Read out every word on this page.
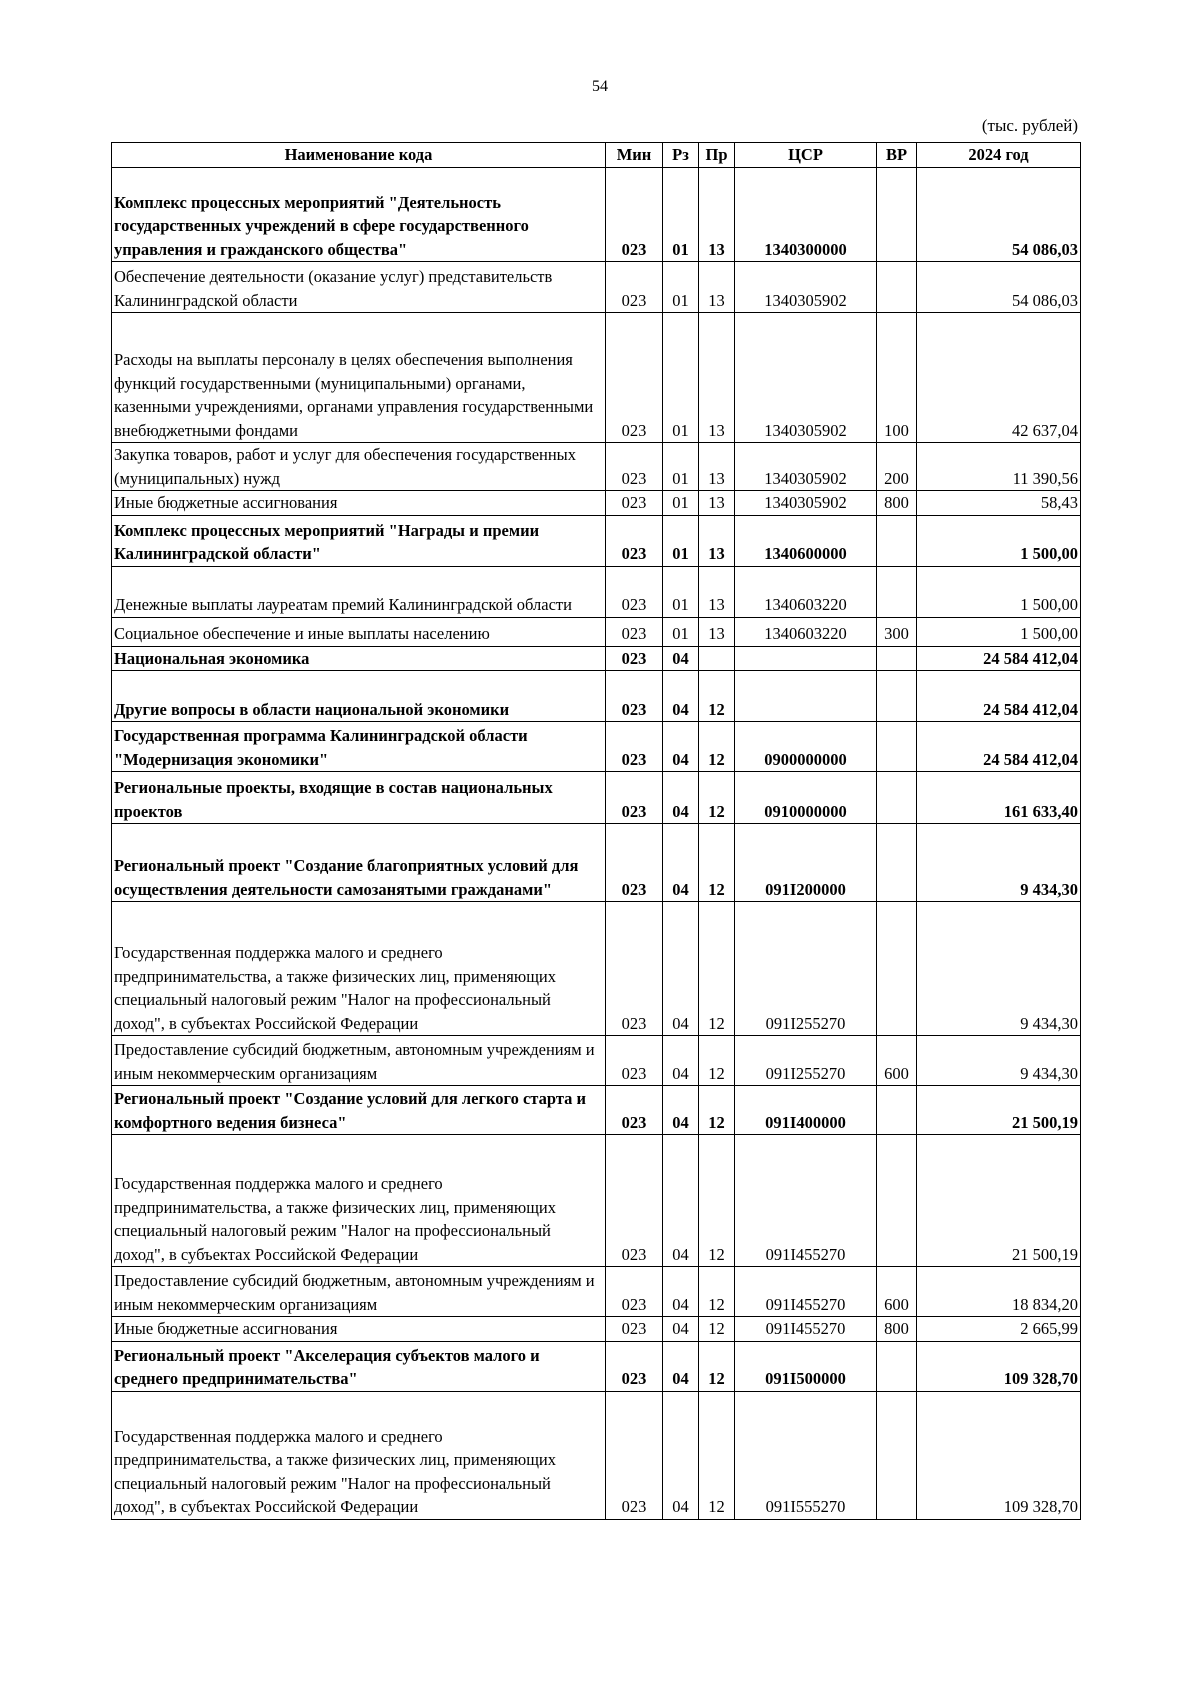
54
(тыс. рублей)
Наименование кода	Мин	Рз	Пр	ЦСР	ВР	2024 год
Комплекс процессных мероприятий "Деятельность государственных учреждений в сфере государственного управления и гражданского общества"	023	01	13	1340300000		54 086,03
Обеспечение деятельности (оказание услуг) представительств Калининградской области	023	01	13	1340305902		54 086,03
Расходы на выплаты персоналу в целях обеспечения выполнения функций государственными (муниципальными) органами, казенными учреждениями, органами управления государственными внебюджетными фондами	023	01	13	1340305902	100	42 637,04
Закупка товаров, работ и услуг для обеспечения государственных (муниципальных) нужд	023	01	13	1340305902	200	11 390,56
Иные бюджетные ассигнования	023	01	13	1340305902	800	58,43
Комплекс процессных мероприятий "Награды и премии Калининградской области"	023	01	13	1340600000		1 500,00
Денежные выплаты лауреатам премий Калининградской области	023	01	13	1340603220		1 500,00
Социальное обеспечение и иные выплаты населению	023	01	13	1340603220	300	1 500,00
Национальная экономика	023	04				24 584 412,04
Другие вопросы в области национальной экономики	023	04	12			24 584 412,04
Государственная программа Калининградской области "Модернизация экономики"	023	04	12	0900000000		24 584 412,04
Региональные проекты, входящие в состав национальных проектов	023	04	12	0910000000		161 633,40
Региональный проект "Создание благоприятных условий для осуществления деятельности самозанятыми гражданами"	023	04	12	091I200000		9 434,30
Государственная поддержка малого и среднего предпринимательства, а также физических лиц, применяющих специальный налоговый режим "Налог на профессиональный доход", в субъектах Российской Федерации	023	04	12	091I255270		9 434,30
Предоставление субсидий бюджетным, автономным учреждениям и иным некоммерческим организациям	023	04	12	091I255270	600	9 434,30
Региональный проект "Создание условий для легкого старта и комфортного ведения бизнеса"	023	04	12	091I400000		21 500,19
Государственная поддержка малого и среднего предпринимательства, а также физических лиц, применяющих специальный налоговый режим "Налог на профессиональный доход", в субъектах Российской Федерации	023	04	12	091I455270		21 500,19
Предоставление субсидий бюджетным, автономным учреждениям и иным некоммерческим организациям	023	04	12	091I455270	600	18 834,20
Иные бюджетные ассигнования	023	04	12	091I455270	800	2 665,99
Региональный проект "Акселерация субъектов малого и среднего предпринимательства"	023	04	12	091I500000		109 328,70
Государственная поддержка малого и среднего предпринимательства, а также физических лиц, применяющих специальный налоговый режим "Налог на профессиональный доход", в субъектах Российской Федерации	023	04	12	091I555270		109 328,70
